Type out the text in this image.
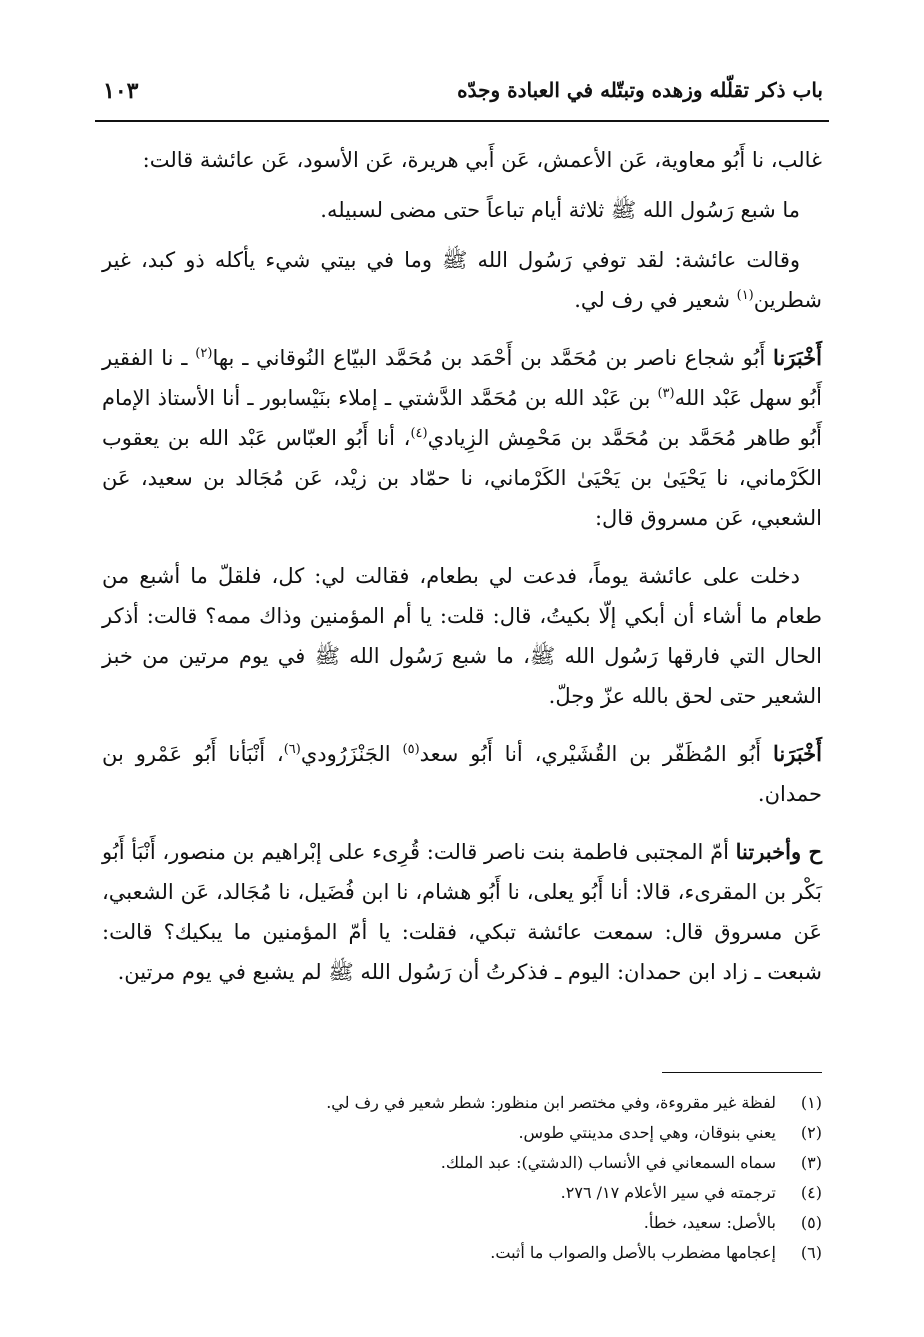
باب ذكر تقلّله وزهده وتبتّله في العبادة وجدّه
١٠٣

غالب، نا أَبُو معاوية، عَن الأعمش، عَن أَبي هريرة، عَن الأسود، عَن عائشة قالت:

ما شبع رَسُول الله ﷺ ثلاثة أيام تباعاً حتى مضى لسبيله.

وقالت عائشة: لقد توفي رَسُول الله ﷺ وما في بيتي شيء يأكله ذو كبد، غير شطرين$^{(١)}$ شعير في رف لي.

أَخْبَرَنا أَبُو شجاع ناصر بن مُحَمَّد بن أَحْمَد بن مُحَمَّد البيّاع النُوقاني ـ بها$^{(٢)}$ ـ نا الفقير أَبُو سهل عَبْد الله$^{(٣)}$ بن عَبْد الله بن مُحَمَّد الدَّشتي ـ إملاء بنَيْسابور ـ أنا الأستاذ الإمام أَبُو طاهر مُحَمَّد بن مُحَمَّد بن مَحْمِش الزِيادي$^{(٤)}$، أنا أَبُو العبّاس عَبْد الله بن يعقوب الكَرْماني، نا يَحْيَىٰ بن يَحْيَىٰ الكَرْماني، نا حمّاد بن زيْد، عَن مُجَالد بن سعيد، عَن الشعبي، عَن مسروق قال:

دخلت على عائشة يوماً، فدعت لي بطعام، فقالت لي: كل، فلقلّ ما أشبع من طعام ما أشاء أن أبكي إلّا بكيتُ، قال: قلت: يا أم المؤمنين وذاك ممه؟ قالت: أذكر الحال التي فارقها رَسُول الله ﷺ، ما شبع رَسُول الله ﷺ في يوم مرتين من خبز الشعير حتى لحق بالله عزّ وجلّ.

أَخْبَرَنا أَبُو المُظَفّر بن القُشَيْري، أنا أَبُو سعد$^{(٥)}$ الجَنْزَرُودي$^{(٦)}$، أَنْبَأنا أَبُو عَمْرو بن حمدان.

ح وأخبرتنا أمّ المجتبى فاطمة بنت ناصر قالت: قُرِىء على إبْراهيم بن منصور، أَنْبَأ أَبُو بَكْر بن المقرىء، قالا: أنا أَبُو يعلى، نا أَبُو هشام، نا ابن فُضَيل، نا مُجَالد، عَن الشعبي، عَن مسروق قال: سمعت عائشة تبكي، فقلت: يا أمّ المؤمنين ما يبكيك؟ قالت: شبعت ـ زاد ابن حمدان: اليوم ـ فذكرتُ أن رَسُول الله ﷺ لم يشبع في يوم مرتين.

(١)
لفظة غير مقروءة، وفي مختصر ابن منظور: شطر شعير في رف لي.
(٢)
يعني بنوقان، وهي إحدى مدينتي طوس.
(٣)
سماه السمعاني في الأنساب (الدشتي): عبد الملك.
(٤)
ترجمته في سير الأعلام ١٧/ ٢٧٦.
(٥)
بالأصل: سعيد، خطأ.
(٦)
إعجامها مضطرب بالأصل والصواب ما أثبت.
